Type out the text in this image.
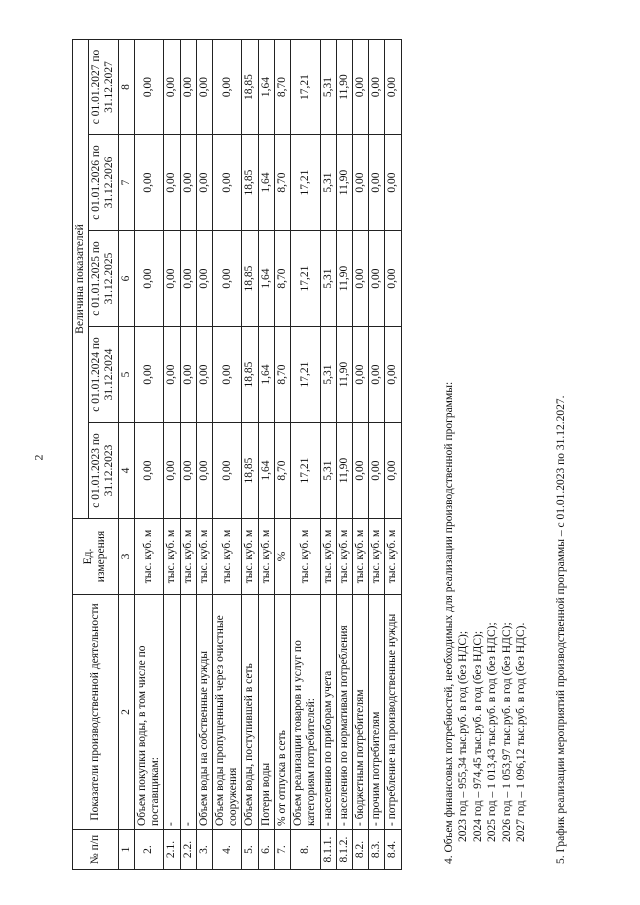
2
№ п/п	Показатели производственной деятельности	Ед. измерения	Величина показателей				
			с 01.01.2023 по 31.12.2023	с 01.01.2024 по 31.12.2024	с 01.01.2025 по 31.12.2025	с 01.01.2026 по 31.12.2026	с 01.01.2027 по 31.12.2027
1	2	3	4	5	6	7	8
2.	Объем покупки воды, в том числе по поставщикам:	тыс. куб. м	0,00	0,00	0,00	0,00	0,00
2.1.	-	тыс. куб. м	0,00	0,00	0,00	0,00	0,00
2.2.	-	тыс. куб. м	0,00	0,00	0,00	0,00	0,00
3.	Объем воды на собственные нужды	тыс. куб. м	0,00	0,00	0,00	0,00	0,00
4.	Объем воды пропущенный через очистные сооружения	тыс. куб. м	0,00	0,00	0,00	0,00	0,00
5.	Объем воды, поступившей в сеть	тыс. куб. м	18,85	18,85	18,85	18,85	18,85
6.	Потери воды	тыс. куб. м	1,64	1,64	1,64	1,64	1,64
7.	% от отпуска в сеть	%	8,70	8,70	8,70	8,70	8,70
8.	Объем реализации товаров и услуг по категориям потребителей:	тыс. куб. м	17,21	17,21	17,21	17,21	17,21
8.1.1.	- населению по приборам учета	тыс. куб. м	5,31	5,31	5,31	5,31	5,31
8.1.2.	- населению по нормативам потребления	тыс. куб. м	11,90	11,90	11,90	11,90	11,90
8.2.	- бюджетным потребителям	тыс. куб. м	0,00	0,00	0,00	0,00	0,00
8.3.	- прочим потребителям	тыс. куб. м	0,00	0,00	0,00	0,00	0,00
8.4.	- потребление на производственные нужды	тыс. куб. м	0,00	0,00	0,00	0,00	0,00

4. Объем финансовых потребностей, необходимых для реализации производственной программы: 2023 год – 955,34 тыс.руб. в год (без НДС); 2024 год – 974,45 тыс.руб. в год (без НДС); 2025 год – 1 013,43 тыс.руб. в год (без НДС); 2026 год – 1 053,97 тыс.руб. в год (без НДС); 2027 год – 1 096,12 тыс.руб. в год (без НДС).

5. График реализации мероприятий производственной программы – с 01.01.2023 по 31.12.2027.
